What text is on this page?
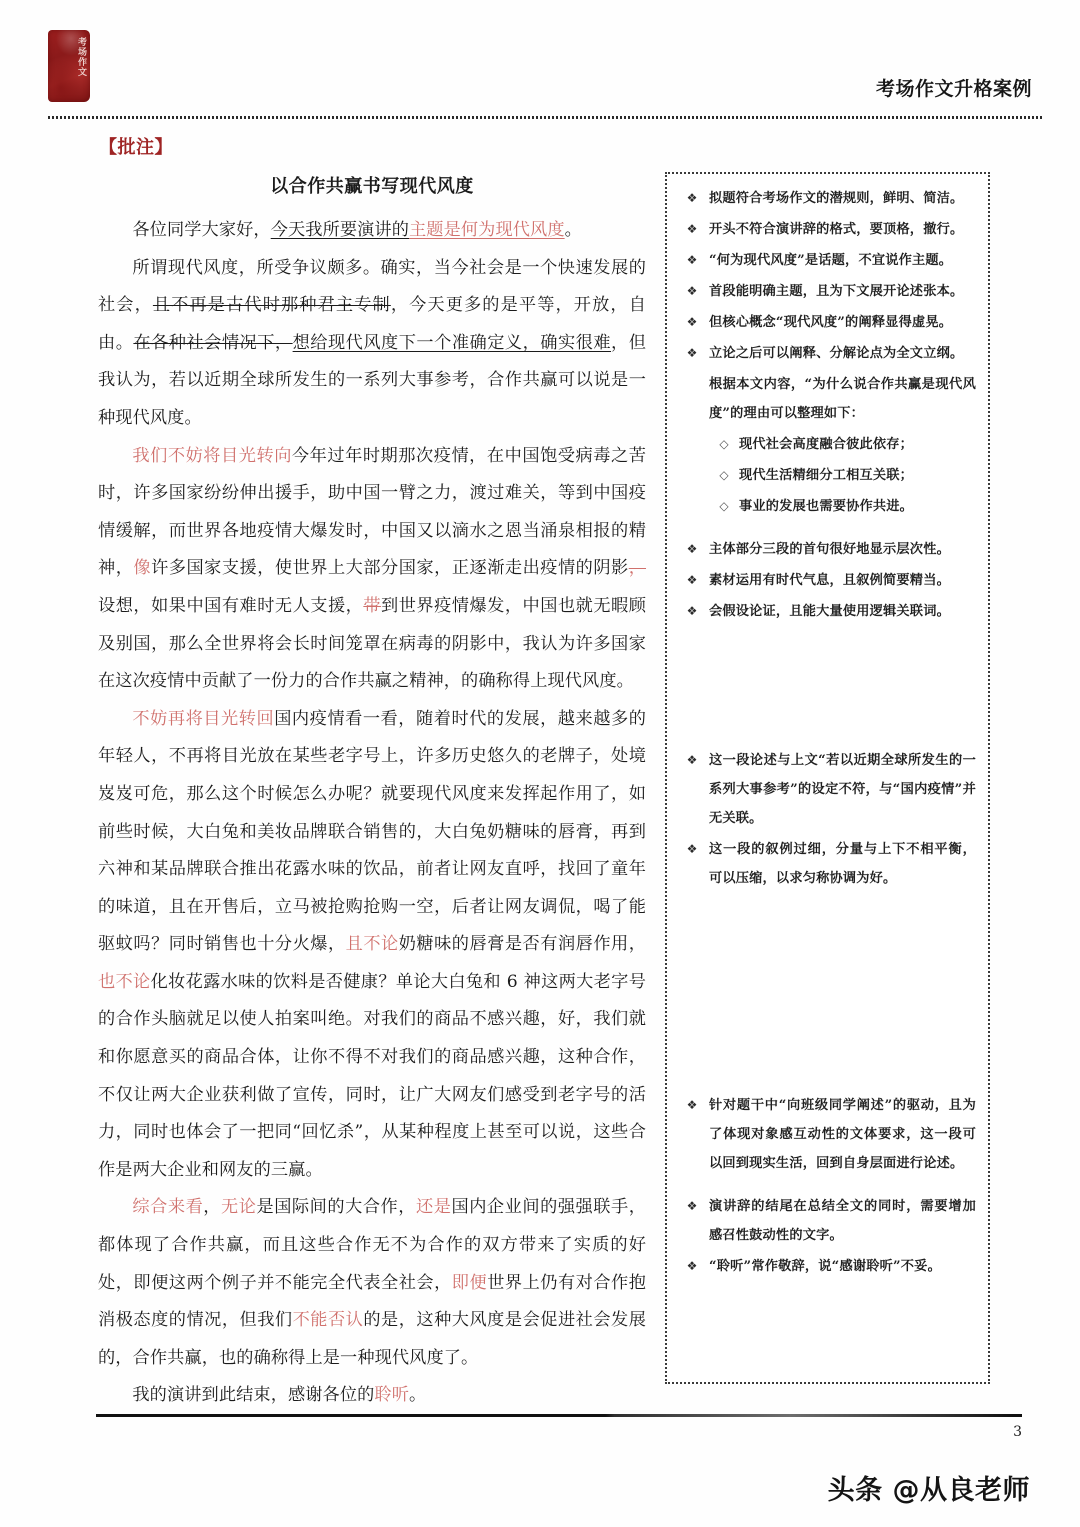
考场作文
考场作文升格案例
【批注】
以合作共赢书写现代风度
各位同学大家好，今天我所要演讲的主题是何为现代风度。
所谓现代风度，所受争议颇多。确实，当今社会是一个快速发展的社会，且不再是古代时那种君主专制，今天更多的是平等，开放，自由。在各种社会情况下，想给现代风度下一个准确定义，确实很难，但我认为，若以近期全球所发生的一系列大事参考，合作共赢可以说是一种现代风度。
我们不妨将目光转向今年过年时期那次疫情，在中国饱受病毒之苦时，许多国家纷纷伸出援手，助中国一臂之力，渡过难关，等到中国疫情缓解，而世界各地疫情大爆发时，中国又以滴水之恩当涌泉相报的精神，像许多国家支援，使世界上大部分国家，正逐渐走出疫情的阴影，设想，如果中国有难时无人支援，带到世界疫情爆发，中国也就无暇顾及别国，那么全世界将会长时间笼罩在病毒的阴影中，我认为许多国家在这次疫情中贡献了一份力的合作共赢之精神，的确称得上现代风度。
不妨再将目光转回国内疫情看一看，随着时代的发展，越来越多的年轻人，不再将目光放在某些老字号上，许多历史悠久的老牌子，处境岌岌可危，那么这个时候怎么办呢？就要现代风度来发挥起作用了，如前些时候，大白兔和美妆品牌联合销售的，大白兔奶糖味的唇膏，再到六神和某品牌联合推出花露水味的饮品，前者让网友直呼，找回了童年的味道，且在开售后，立马被抢购抢购一空，后者让网友调侃，喝了能驱蚊吗？同时销售也十分火爆，且不论奶糖味的唇膏是否有润唇作用，也不论化妆花露水味的饮料是否健康？单论大白兔和 6 神这两大老字号的合作头脑就足以使人拍案叫绝。对我们的商品不感兴趣，好，我们就和你愿意买的商品合体，让你不得不对我们的商品感兴趣，这种合作，不仅让两大企业获利做了宣传，同时，让广大网友们感受到老字号的活力，同时也体会了一把同“回忆杀”，从某种程度上甚至可以说，这些合作是两大企业和网友的三赢。
综合来看，无论是国际间的大合作，还是国内企业间的强强联手，都体现了合作共赢，而且这些合作无不为合作的双方带来了实质的好处，即便这两个例子并不能完全代表全社会，即便世界上仍有对合作抱消极态度的情况，但我们不能否认的是，这种大风度是会促进社会发展的，合作共赢，也的确称得上是一种现代风度了。
我的演讲到此结束，感谢各位的聆听。
❖ 拟题符合考场作文的潜规则，鲜明、简洁。
❖ 开头不符合演讲辞的格式，要顶格，撤行。
❖ “何为现代风度”是话题，不宜说作主题。
❖ 首段能明确主题，且为下文展开论述张本。
❖ 但核心概念“现代风度”的阐释显得虚晃。
❖ 立论之后可以阐释、分解论点为全文立纲。
根据本文内容，“为什么说合作共赢是现代风度”的理由可以整理如下：
◇ 现代社会高度融合彼此依存；
◇ 现代生活精细分工相互关联；
◇ 事业的发展也需要协作共进。
❖ 主体部分三段的首句很好地显示层次性。
❖ 素材运用有时代气息，且叙例简要精当。
❖ 会假设论证，且能大量使用逻辑关联词。
❖ 这一段论述与上文“若以近期全球所发生的一系列大事参考”的设定不符，与“国内疫情”并无关联。
❖ 这一段的叙例过细，分量与上下不相平衡，可以压缩，以求匀称协调为好。
❖ 针对题干中“向班级同学阐述”的驱动，且为了体现对象感互动性的文体要求，这一段可以回到现实生活，回到自身层面进行论述。
❖ 演讲辞的结尾在总结全文的同时，需要增加感召性鼓动性的文字。
❖ “聆听”常作敬辞，说“感谢聆听”不妥。
3
头条 @从良老师
